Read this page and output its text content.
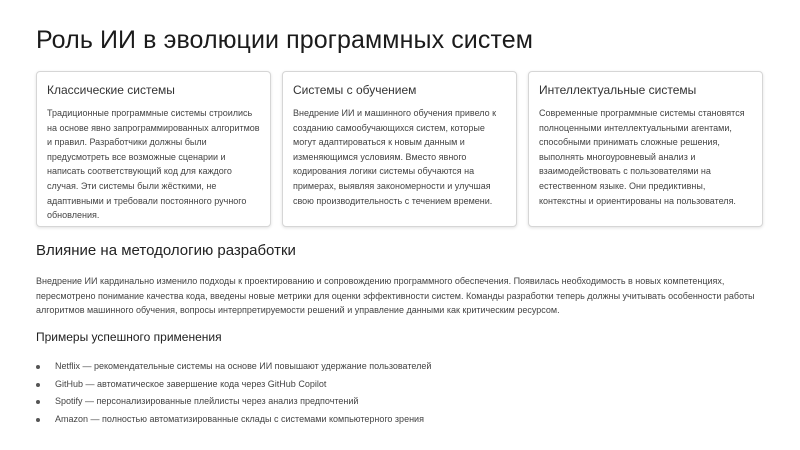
Роль ИИ в эволюции программных систем
Классические системы
Традиционные программные системы строились на основе явно запрограммированных алгоритмов и правил. Разработчики должны были предусмотреть все возможные сценарии и написать соответствующий код для каждого случая. Эти системы были жёсткими, не адаптивными и требовали постоянного ручного обновления.
Системы с обучением
Внедрение ИИ и машинного обучения привело к созданию самообучающихся систем, которые могут адаптироваться к новым данным и изменяющимся условиям. Вместо явного кодирования логики системы обучаются на примерах, выявляя закономерности и улучшая свою производительность с течением времени.
Интеллектуальные системы
Современные программные системы становятся полноценными интеллектуальными агентами, способными принимать сложные решения, выполнять многоуровневый анализ и взаимодействовать с пользователями на естественном языке. Они предиктивны, контекстны и ориентированы на пользователя.
Влияние на методологию разработки
Внедрение ИИ кардинально изменило подходы к проектированию и сопровождению программного обеспечения. Появилась необходимость в новых компетенциях, пересмотрено понимание качества кода, введены новые метрики для оценки эффективности систем. Команды разработки теперь должны учитывать особенности работы алгоритмов машинного обучения, вопросы интерпретируемости решений и управление данными как критическим ресурсом.
Примеры успешного применения
Netflix — рекомендательные системы на основе ИИ повышают удержание пользователей
GitHub — автоматическое завершение кода через GitHub Copilot
Spotify — персонализированные плейлисты через анализ предпочтений
Amazon — полностью автоматизированные склады с системами компьютерного зрения
